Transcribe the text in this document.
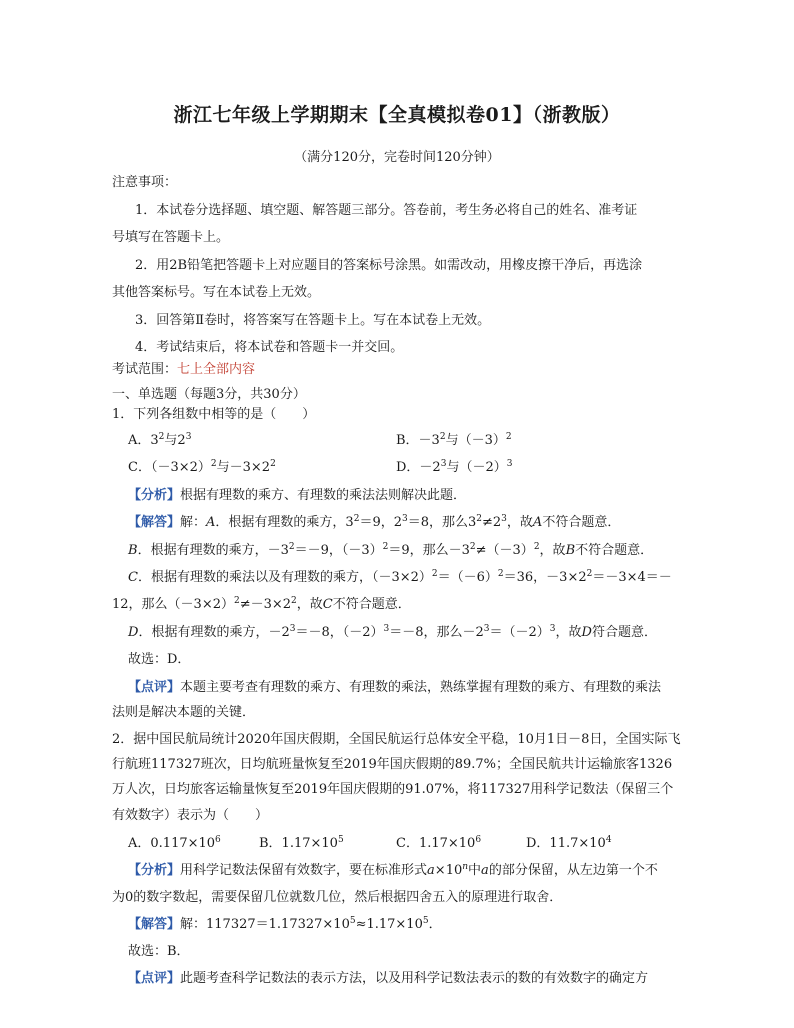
浙江七年级上学期期末【全真模拟卷01】（浙教版）
（满分120分，完卷时间120分钟）
注意事项：
1．本试卷分选择题、填空题、解答题三部分。答卷前，考生务必将自己的姓名、准考证
号填写在答题卡上。
2．用2B铅笔把答题卡上对应题目的答案标号涂黑。如需改动，用橡皮擦干净后，再选涂
其他答案标号。写在本试卷上无效。
3．回答第Ⅱ卷时，将答案写在答题卡上。写在本试卷上无效。
4．考试结束后，将本试卷和答题卡一并交回。
考试范围：七上全部内容
一、单选题（每题3分，共30分）
1．下列各组数中相等的是（　　）
A．$3^2$与$2^3$	B．$-3^2$与$(-3)^2$
C．$(-3\times 2)^2$与$-3\times 2^2$	D．$-2^3$与$(-2)^3$
【分析】根据有理数的乘方、有理数的乘法法则解决此题．
【解答】解：A．根据有理数的乘方，$3^2=9$，$2^3=8$，那么$3^2\ne 2^3$，故A不符合题意．
B．根据有理数的乘方，$-3^2=-9$，$(-3)^2=9$，那么$-3^2\ne(-3)^2$，故B不符合题意．
C．根据有理数的乘法以及有理数的乘方，$(-3\times 2)^2=(-6)^2=36$，$-3\times 2^2=-3\times 4=-$
12，那么$(-3\times 2)^2\ne-3\times 2^2$，故C不符合题意．
D．根据有理数的乘方，$-2^3=-8$，$(-2)^3=-8$，那么$-2^3=(-2)^3$，故D符合题意．
故选：D．
【点评】本题主要考查有理数的乘方、有理数的乘法，熟练掌握有理数的乘方、有理数的乘法
法则是解决本题的关键．
2．据中国民航局统计2020年国庆假期，全国民航运行总体安全平稳，10月1日－8日，全国实际飞
行航班117327班次，日均航班量恢复至2019年国庆假期的89.7%；全国民航共计运输旅客1326
万人次，日均旅客运输量恢复至2019年国庆假期的91.07%，将117327用科学记数法（保留三个
有效数字）表示为（　　）
A．$0.117\times 10^6$	B．$1.17\times 10^5$	C．$1.17\times 10^6$	D．$11.7\times 10^4$
【分析】用科学记数法保留有效数字，要在标准形式$a\times 10^n$中a的部分保留，从左边第一个不
为0的数字数起，需要保留几位就数几位，然后根据四舍五入的原理进行取舍．
【解答】解：$117327=1.17327\times 10^5\approx 1.17\times 10^5$．
故选：B．
【点评】此题考查科学记数法的表示方法，以及用科学记数法表示的数的有效数字的确定方
